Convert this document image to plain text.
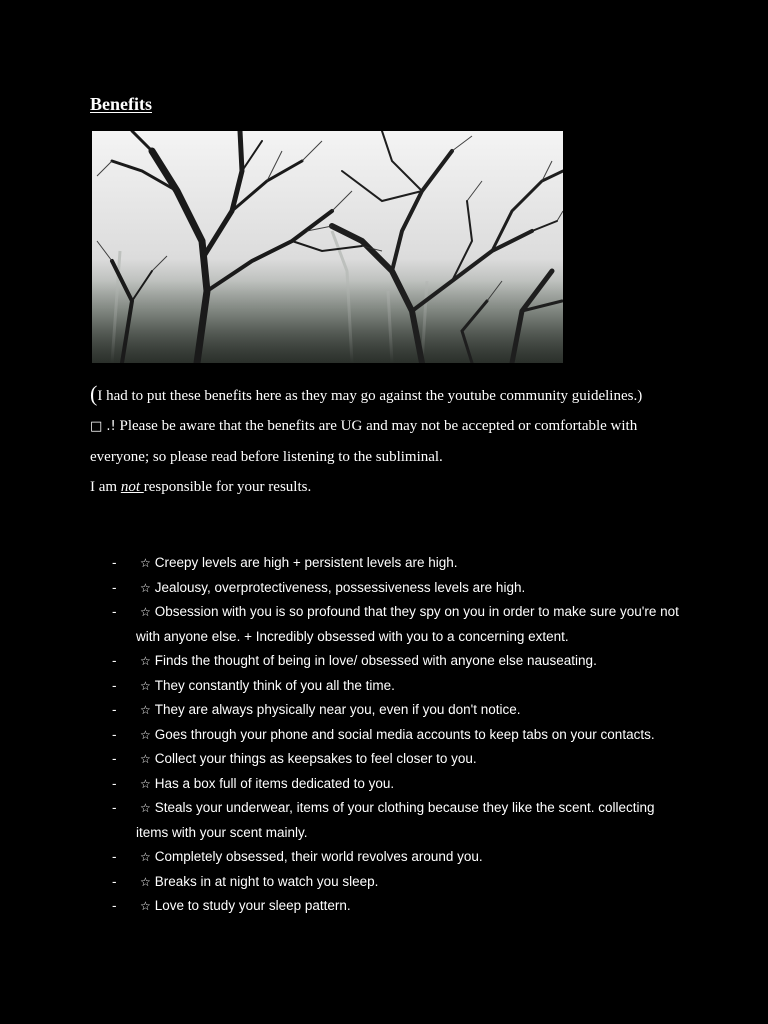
Benefits

(I had to put these benefits here as they may go against the youtube community guidelines.)

□ .! Please be aware that the benefits are UG and may not be accepted or comfortable with everyone; so please read before listening to the subliminal.

I am not responsible for your results.

- ☆ Creepy levels are high + persistent levels are high.
- ☆ Jealousy, overprotectiveness, possessiveness levels are high.
- ☆ Obsession with you is so profound that they spy on you in order to make sure you're not with anyone else. + Incredibly obsessed with you to a concerning extent.
- ☆ Finds the thought of being in love/ obsessed with anyone else nauseating.
- ☆ They constantly think of you all the time.
- ☆ They are always physically near you, even if you don't notice.
- ☆ Goes through your phone and social media accounts to keep tabs on your contacts.
- ☆ Collect your things as keepsakes to feel closer to you.
- ☆ Has a box full of items dedicated to you.
- ☆ Steals your underwear, items of your clothing because they like the scent. collecting items with your scent mainly.
- ☆ Completely obsessed, their world revolves around you.
- ☆ Breaks in at night to watch you sleep.
- ☆ Love to study your sleep pattern.
